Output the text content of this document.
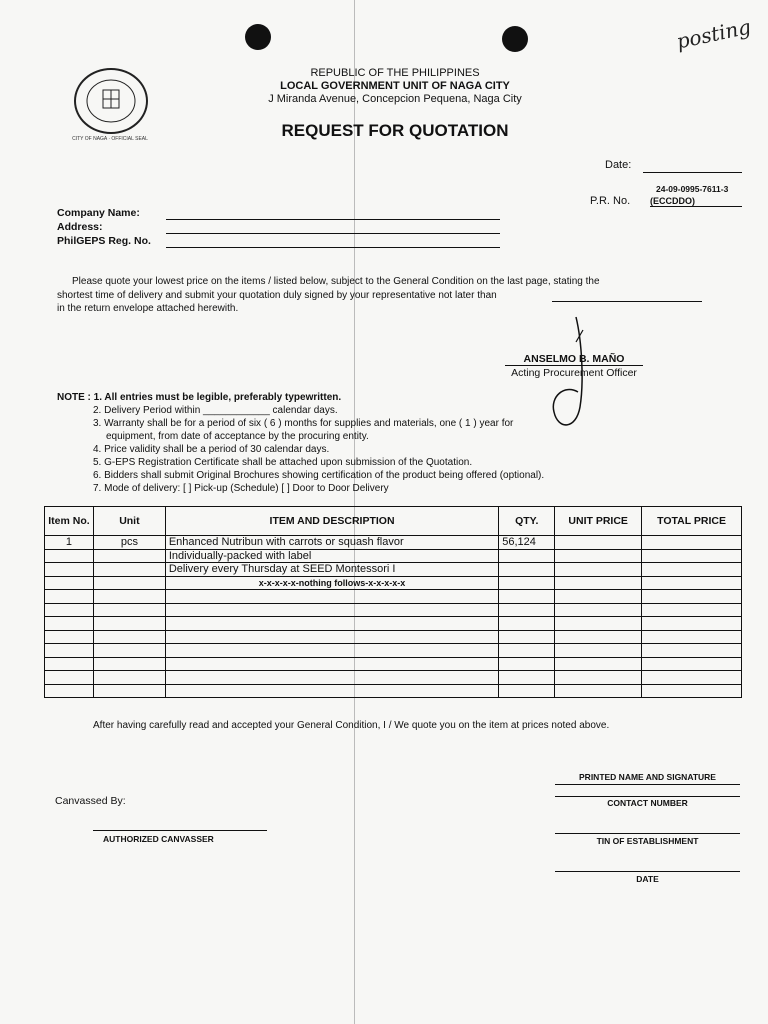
posting
CITY OF NAGA · OFFICIAL SEAL
REPUBLIC OF THE PHILIPPINES
LOCAL GOVERNMENT UNIT OF NAGA CITY
J Miranda Avenue, Concepcion Pequena, Naga City
REQUEST FOR QUOTATION
Date:
24-09-0995-7611-3
P.R. No. (ECCDDO)
Company Name:
Address:
PhilGEPS Reg. No.
Please quote your lowest price on the items / listed below, subject to the General Condition on the last page, stating the
shortest time of delivery and submit your quotation duly signed by your representative not later than
in the return envelope attached herewith.
ANSELMO B. MAÑO
Acting Procurement Officer
NOTE : 1. All entries must be legible, preferably typewritten.
2. Delivery Period within ____________ calendar days.
3. Warranty shall be for a period of six ( 6 ) months for supplies and materials, one ( 1 ) year for
equipment, from date of acceptance by the procuring entity.
4. Price validity shall be a period of 30 calendar days.
5. G-EPS Registration Certificate shall be attached upon submission of the Quotation.
6. Bidders shall submit Original Brochures showing certification of the product being offered (optional).
7. Mode of delivery: [ ] Pick-up (Schedule) [ ] Door to Door Delivery
Item No.	Unit	ITEM AND DESCRIPTION	QTY.	UNIT PRICE	TOTAL PRICE
1	pcs	Enhanced Nutribun with carrots or squash flavor	56,124		
		Individually-packed with label			
		Delivery every Thursday at SEED Montessori I			
		x-x-x-x-x-nothing follows-x-x-x-x-x			

After having carefully read and accepted your General Condition, I / We quote you on the item at prices noted above.
Canvassed By:
AUTHORIZED CANVASSER
PRINTED NAME AND SIGNATURE
CONTACT NUMBER
TIN OF ESTABLISHMENT
DATE
